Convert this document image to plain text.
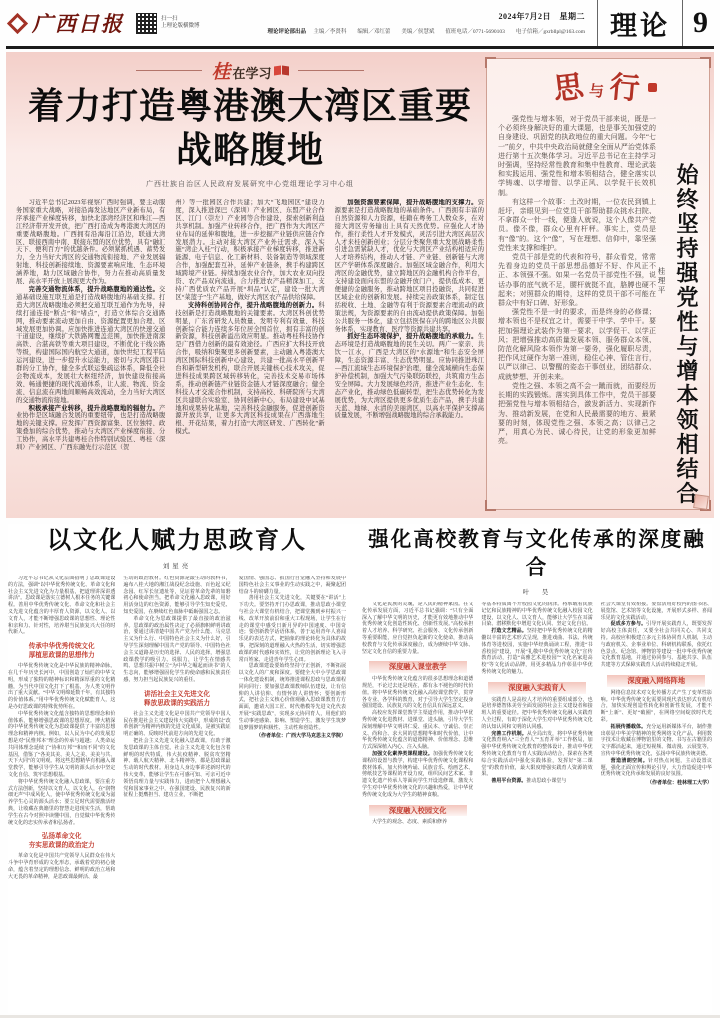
广西日报	扫一扫
上理论版横微博
2024年7月2日　星期二
理论评论部出品 主编／李贤科　　编辑／邓红蕾　　美编／侯慧斌　　值班电话／0771-5690103　　电子信箱／gxrbllpl@163.com 理论 9
桂 在学习
着力打造粤港澳大湾区重要战略腹地
广西壮族自治区人民政府发展研究中心党组理论学习中心组
习近平总书记2023年视察广西时强调，要主动服务国家重大战略，对接沿海发达地区产业新布局，有序承接产业梯度转移，加快北部湾经济区和珠江—西江经济带开发开放，把广西打造成为粤港澳大湾区的重要战略腹地。广西拥有沿海沿江沿边，联通大湾区、联接西南中南、联接东盟的区位优势，具有“融汇天下、便利百方”的优越条件。必须紧抓机遇、蓄势发力，全力当好大湾区的交通物流衔接地、产业发展辐射地、科技创新接续地、资源要素响应地、生态环境涵养地，助力区域融合协作，努力在推动高质量发展、高水平开放上展现更大作为。
完善交通物流体系，提升战略腹地的通达性。交通基础设施互联互通是打造战略腹地的基础支撑。打造大湾区战略腹地必须把交通互联互通作为先导，持续打通连接“断点”和“堵点”，打造立体综合交通路网，推动要素流动更加自由、资源配置更加合理、区域发展更加协调。应加快推进连通大湾区的快速交通干道建设，继续扩大铁路网覆盖范围，加快推进南深高铁、合湛高铁等重大项目建设，不断优化干线公路等级，构建国际国内航空大通道，加快世纪工程平陆运河建设，进一步提升水运能力，密切与大湾区港口群的分工协作，健全多式联运集疏运体系，降低全社会物流成本，发展壮大枢纽经济，加快建设衔接高效、畅通便捷的现代流通体系，让人流、物流、资金流、信息流在两地间顺畅高效流动，全力当好大湾区的交通物流衔接地。
积极承接产业转移，提升战略腹地的辐射力。产业协作是区域融合发展的重要纽带，也是打造战略腹地的关键支撑。应发挥广西资源富集、区位独特、政策叠加的综合优势，推动与大湾区产业梯度衔接、分工协作，高水平共建粤桂合作特别试验区、粤桂（深圳）产业园区、广西东融先行示范区（贺
州）等一批园区合作共建；加大“飞地园区”建设力度，深入推进深巴（深圳）产业园区、东盟产业合作区、江门（崇左）产业园等合作建设，探索创新利益共享机制。加强产业转移合作，把广西作为大湾区产业布局的延伸和腹地，进一步挖掘产业链供应链合作发展潜力。主动对接大湾区产业外迁需求，深入实施“湾企入桂”行动，积极承接产业梯度转移，推进新能源、电子信息、化工新材料、装备制造等领域深度合作，加强配套互补，延伸产业链条，携手构建跨区域跨境产业链。持续加强农业合作，加大农业双向投资、农产品双向流通，合力推进农产品精深加工，支持广西优质农产品开展“圳品”认定，建设一批大湾区“菜篮子”生产基地，做好大湾区农产品供给保障。
支持科创协同合作，提升战略腹地的创新力。科技创新是打造战略腹地的关键要素。大湾区科创优势明显，广东省研发人员数量、发明专利有效量、科技创新综合能力连续多年位居全国首位，拥有丰富的创新资源，科技创新溢出效应明显。推动粤桂科技协作是广西借力创新的最有效途径。广西应扩大科技开放合作，吸纳和集聚更多创新要素，主动融入粤港澳大湾区国际科技创新中心建设，共建一批高水平创新平台和新型研发机构，联合开展关键核心技术攻关，促进科技成果跨区域转移转化，完善技术交易市场体系，推动创新链产业链资金链人才链深度融合；健全科技人才交流合作机制，支持高校、科研院所与大湾区共建联合实验室、协同创新中心，布局建设中试基地和成果转化基地，完善科技金融服务，促进创新资源开放共享，让更多大湾区科技成果在广西落地生根、开花结果，着力打造“大湾区研发、广西转化”新模式。
加强资源要素保障，提升战略腹地的支撑力。资源要素是打造战略腹地的基础条件。广西拥有丰富的自然资源和人力资源，桂籍在粤务工人数众多，在对接大湾区劳务输出上具有天然优势。应强化人才协作，推行柔性人才开发模式，灵活引进大湾区高层次人才来桂创新创业；分层分类聚焦重大发展战略柔性引进急需紧缺人才，优化与大湾区产业结构相适应的人才培养结构，推动人才链、产业链、创新链与大湾区产学研体系深度融合。加强区域金融合作，利用大湾区的金融优势，建立跨地区的金融机构合作平台，支持建设面向东盟的金融开放门户，提供低成本、更便捷的金融服务，推动跨地区项目投融资，共同促进区域企业的创新和发展。持续完善政策体系，制定包括税收、土地、金融等有利于资源要素合理流动的政策法规，为资源要素的自由流动提供政策保障。加强公共服务一体化，建立包括医保在内的跨地区公共服务体系，实现教育、医疗等资源共建共享。
抓好生态环境保护，提升战略腹地的承载力。生态环境是打造战略腹地的民生关切。两广一家亲、共饮一江水，广西是大湾区的“水源地”和生态安全屏障，生态资源丰富、生态优势明显。应协同推进珠江—西江流域生态环境保护治理，健全流域横向生态保护补偿机制，加强大气污染联防联控，共筑南方生态安全屏障。大力发展绿色经济，推进产业生态化、生态产业化，推动绿色低碳转型，把生态优势转化为发展优势，为大湾区提供更多优质生态产品，携手共建天蓝、地绿、水清的美丽湾区，以高水平保护支撑高质量发展，不断增强战略腹地的综合承载能力。
思 与 行
强党性与增本领，对于党员干部来说，既是一个必须终身解决好的重大课题，也是事关加强党的自身建设、巩固党的执政地位的重大问题。今年“七一”前夕，中共中央政治局就健全全面从严治党体系进行第十五次集体学习。习近平总书记在主持学习时强调，坚持经常性教育和集中性教育、理论武装和实践运用、强党性和增本领相结合，健全落实以学铸魂、以学增智、以学正风、以学促干长效机制。
有这样一个故事：土改时期，一位农民到镇上赶圩，亲眼见到一位党员干部帮助群众挑水扫院、不拿群众一针一线，便逢人就说，这个人像共产党员。像不像，群众心里有杆秤。事实上，党员是有“像”的。这个“像”，写在理想、信仰中，靠坚强党性来支撑和维护。
党员干部是党的代表和符号，群众看党，常常先看身边的党员干部思想品德好不好、作风正不正、本领强不强。如果一名党员干部党性不强，说话办事的底气就不足，腰杆就挺不直，胳膊也硬不起来；对照群众的期待，这样的党员干部不可能在群众中有好口碑、好形象。
强党性不是一时的要求，而是终身的必修课；增本领也不是权宜之计，需要干中学、学中干。要把加强理论武装作为第一要求，以学促干、以学正风；把增强推动高质量发展本领、服务群众本领、防范化解风险本领作为第一要务，强化履职尽责，把作风过硬作为第一准则，稳住心神、管住言行，以严以律己、以警醒的姿态干事创业，团结群众、成就梦想、开创未来。
党性之强、本领之高不会一蹴而就，而要经历长期的实践锻炼。落实到具体工作中，党员干部要把强党性与增本领相结合，激发新活力、实现新作为、推动新发展，在党和人民最需要的地方、最紧要的时刻，体现党性之强、本领之高；以律己之严，用真心为民、诚心待民，让党的形象更加鲜亮。
桂理平 始终坚持强党性与增本领相结合
以文化人赋力思政育人
刘星亮
习近平总书记从文化层面指明了思政课建设的方法，强调“以中华优秀传统文化、革命文化和社会主义先进文化为力量根基，把道理讲深讲透讲活”。思政课是落实立德树人根本任务的关键课程。善用中华优秀传统文化、革命文化和社会主义先进文化蕴含的丰厚育人资源，以文化人、以文育人，才能不断增强思政课的思想性、理论性和亲和力、针对性，培养堪当民族复兴大任的时代新人。
传承中华优秀传统文化
厚植思政课的思想伟力
中华优秀传统文化是中华民族的精神命脉。在几千年历史长河中，中国创造了灿烂的中华文明，形成了独特的精神标识和精深厚重的文化精髓，为当代中国文化打下了根基，为人类文明作出了重大贡献。“中华文明绵延数千年，有其独特的价值体系。”用中华优秀传统文化赋能育人，这是办好思政课的特殊优势所在。
中华优秀传统文化蕴含独特的思想理念和价值体系，能够增强思政课的思想厚度。博大精深的中华优秀传统文化为思政课提供了丰富的思想理念和精神内核。例如，以人民为中心的发展思想是对“民惟邦本”理念的传承与超越；人类命运共同体理念延续了“协和万邦”“和而不同”的文化基因，借鉴了“各美其美、美人之美、美美与共、天下大同”的文明观。将这些思想精华有机融入课堂教学，能够引导学生从文明的源头活水中坚定文化自信、筑牢思想根基。
将中华优秀传统文化融入思政课，要注重方式方法创新，坚持以文育人、以文化人，在“润物细无声”中成风化人，使中华优秀传统文化成为滋养学生心灵的源头活水；要立足时代需要激活经典，让收藏在典籍里的智慧走进现实生活，帮助学生在古今对照中读懂中国，自觉做中华优秀传统文化的忠实传承者和弘扬者。
弘扬革命文化
夯实思政课的政治定力
革命文化是中国共产党领导人民群众在伟大斗争中孕育形成的文化形态，承载着党的初心使命，蕴含着坚定的理想信念、鲜明的政治立场和大无畏的革命精神，是思政课最鲜活、最
生动的政治教材。红色资源是最生动的教科书，遍布八桂大地的湘江战役纪念设施、百色起义纪念园、红军长征遗址等，见证着革命先辈的如磐初心和使命担当。把革命文化融入思政课，用好用活身边的红色资源，能够引导学生知史爱党、知史爱国，在赓续红色血脉中砥砺强国之志。
革命文化为思政课提供了最直接的政治滋养。思政课的政治属性决定了必须旗帜鲜明讲政治，要通过讲清楚中国共产党为什么能、马克思主义为什么行、中国特色社会主义为什么好，引导学生深刻理解中国共产党的领导、中国特色社会主义道路是历史的选择、人民的选择，增强思政课教学的吸引力、说服力，让学生在情感共鸣、思想共振中树立“为中华之崛起而读书”的人生志向，能够增强固化学生的使命感和民族责任感，努力担当起民族复兴的重任。
讲活社会主义先进文化
释放思政课的实践活力
社会主义先进文化是中国共产党领导中国人民在推进社会主义建设伟大实践中，形成的以“改革创新”为精神内核的先进文化成果，是被实践证明正确的、反映时代前进方向的先进文化。
把社会主义先进文化融入思政课，有助于激发思政课的主体自觉。社会主义先进文化包含着鲜明的时代特质，伟大抗疫精神、脱贫攻坚精神、载人航天精神、北斗精神等，都是思政课最生动的时代教材。用身边人身边事讲述新时代的伟大变革，能够让学生在可感可知、可亲可近中领悟真理力量与实践伟力，进而把个人理想融入党和国家事业之中，在强国建设、民族复兴的新征程上挺膺担当、建功立业，不断把
爱国情、强国志、报国行自觉融入坚持和发展中国特色社会主义事业的生动实践之中，凝聚起团结奋斗的磅礴力量。
善用社会主义先进文化，关键要在“讲活”上下功夫。要坚持开门办思政课，推动思政小课堂与社会大课堂有机结合，把课堂搬到乡村振兴一线、改革开放前沿和重大工程现场，让学生在行走的课堂中感受日新月异的中国速度、中国奇迹；要创新教学话语体系，善于运用青年人喜闻乐见的表达方式，把抽象的理论转化为具体的故事，把深刻的道理融入火热的生活，切实增强思政课的时代感和实效性，让党的创新理论飞入寻常百姓家、走进青年学生心田。
思政课建设要始终坚持守正创新，不断拓展以文化人的广度和深度。要健全大中小学思政课一体化建设机制，统筹推进课程思政与思政课程同向同行；要加强思政课教师队伍建设，让有信仰的人讲信仰、有情怀的人讲情怀；要创新形式，把社会主义核心价值观融入思政课教育方方面面，邀请大国工匠、时代楷模等先进文化代表开展“实践思政”，实现多元协同育人，用他们的生动事迹感染、影响、塑造学生，激发学生筑梦追梦圆梦的积极性、主动性和创造性。
（作者单位：广西大学马克思主义学院）
强化高校教育与文化传承的深度融合
叶　昊
文化是民族的灵魂，是人民的精神家园。在文化传承发展方面，习近平总书记强调：“只有全面深入了解中华文明的历史，才能更有效地推动中华优秀传统文化创造性转化、创新性发展。”高校承担着人才培养、科学研究、社会服务、文化传承创新等重要职能，应自觉担负起新的文化使命，推动高校教育与文化传承深度融合，成为赓续中华文脉、坚定文化自信的重要力量。
深度融入课堂教学
中华优秀传统文化蕴含的很多思想理念和道德规范，不论过去还是现在，都有永不褪色的时代价值。将中华优秀传统文化融入高校课堂教学，贯穿各专业、各学科的教育，对于引导大学生坚定投身强国建设、民族复兴的文化自信具有深远意义。
高校应发挥课堂教学主渠道作用，推动中华优秀传统文化进教材、进课堂、进头脑，引导大学生深刻理解中华文明讲仁爱、重民本、守诚信、崇正义、尚和合、求大同的思想精华和时代价值，让中华优秀传统文化蕴含的道德精神、价值理念、思维方式深深植入内心、注入头脑。
加强文化素养类课程建设。加强优秀传统文化课程的设置与教学，构建中华优秀传统文化课程和教材体系，加大传统吟诵、民族音乐、绘画艺术、剪纸技艺等课程的开设力度，组织民间艺术家、非遗文化遗产传承人等面向学生开设选修课，激发大学生对中华优秀传统文化的兴趣和热爱，让中华优秀传统文化成为大学生的精神食粮。
深度融入校园文化
大学生的观念、态度、素质和修养
等基本特质离不开校园文化的润泽。将承载着民族记忆和民族精神的中华优秀传统文化融入校园文化建设，以文化人、以文育人，能够让大学生在耳濡目染、潜移默化中增进文化认同、坚定文化自信。
打造文艺精品。坚持把中华优秀传统文化的精髓以丰富的艺术形式呈现，推进戏曲、书法、传统体育等进校园，实施中华经典诵读工程，推进“书香校园”建设，开展“礼敬中华优秀传统文化”宣传教育活动，打造“高雅艺术进校园”“文化名家进高校”等文化活动品牌，用更多精品力作彰显中华优秀传统文化的魅力。
深度融入实践育人
实践育人是高校人才培养的重要组成部分，也是培养德智体美劳全面发展的社会主义建设者和接班人的重要途径。把中华优秀传统文化融入实践育人全过程，有助于深化大学生对中华优秀传统文化的认知认同和文明的认同感。
完善工作机制。从全局出发，将中华优秀传统文化教育纳入“三全育人”“五育并举”工作格局，加强中华优秀传统文化教育的整体设计，推动中华优秀传统文化教育与育人实践活动结合，探索在各类综合实践活动中强化实践体验，发挥好“第二课堂”的教育价值，最大限度增强实践育人资源的效果。
善用平台资源。推动思政小课堂与
社会大课堂有效衔接。要盘活用好校内的图书馆、展览馆、艺术馆等文化设施，开展形式多样、喜闻乐见的文化实践活动。
促成多方参与。引导开展实践育人，既要发挥好高校主体责任，又要全社会共同关心、共同支持。高校应积极建立多元主体协同育人机制，主动与政府机关、企事业单位、科研机构联系，依托红色景点、纪念馆、博物馆等建设一批中华优秀传统文化教育基地，并通过协同参与、基地共享、队伍共建等方式保障实践育人活动持续稳定开展。
深度融入网络阵地
网络信息技术对文化传播方式产生了变革性影响。中华优秀传统文化需要同现代表达形式有机结合，加快实现创造性转化和创新性发展，才能不断“上新”、更好“破圈”，在网络空间绽放时代光彩。
拓展传播载体。充分运用新媒体平台，制作推出彰显中华美学精神的优秀网络文化产品，利用数字技术让收藏在博物馆里的文物、书写在古籍里的文字都活起来，通过短视频、微动漫、云展览等，宣传中华优秀传统文化，弘扬中华民族传统美德。
营造清朗空间。针对热点问题，主动设置议题，强化正面宣传和舆论引导，大力营造促进中华优秀传统文化传承和发展的良好氛围。
（作者单位：桂林理工大学）
